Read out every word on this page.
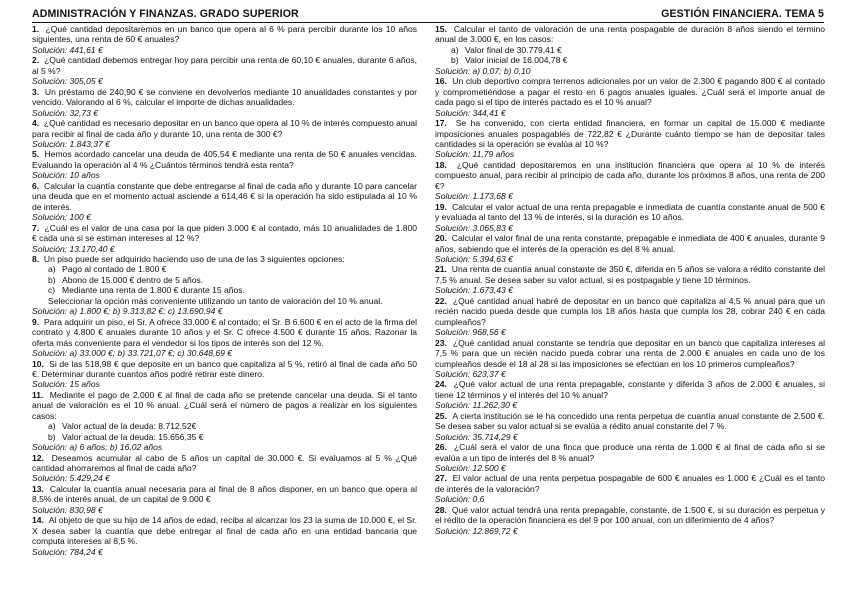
ADMINISTRACIÓN Y FINANZAS. GRADO SUPERIOR	GESTIÓN FINANCIERA. TEMA 5

1. ¿Qué cantidad depositaremos en un banco que opera al 6 % para percibir durante los 10 años siguientes, una renta de 60 € anuales?

Solución: 441,61 €

2. ¿Qué cantidad debemos entregar hoy para percibir una renta de 60,10 € anuales, durante 6 años, al 5 %?

Solución: 305,05 €

3. Un préstamo de 240,90 € se conviene en devolverlos mediante 10 anualidades constantes y por vencido. Valorando al 6 %, calcular el importe de dichas anualidades.

Solución: 32,73 €

4. ¿Qué cantidad es necesario depositar en un banco que opera al 10 % de interés compuesto anual para recibir al final de cada año y durante 10, una renta de 300 €?

Solución: 1.843,37 €

5. Hemos acordado cancelar una deuda de 405,54 € mediante una renta de 50 € anuales vencidas. Evaluando la operación al 4 % ¿Cuántos términos tendrá esta renta?

Solución: 10 años

6. Calcular la cuantía constante que debe entregarse al final de cada año y durante 10 para cancelar una deuda que en el momento actual asciende a 614,46 € si la operación ha sido estipulada al 10 % de interés.

Solución: 100 €

7. ¿Cuál es el valor de una casa por la que piden 3.000 € al contado, más 10 anualidades de 1.800 € cada una si se estiman intereses al 12 %?

Solución: 13.170,40 €

8. Un piso puede ser adquirido haciendo uso de una de las 3 siguientes opciones:

a) Pago al contado de 1.800 €
b) Abono de 15.000 € dentro de 5 años.
c) Mediante una renta de 1.800 € durante 15 años.

Seleccionar la opción más conveniente utilizando un tanto de valoración del 10 % anual.

Solución: a) 1.800 €; b) 9.313,82 €; c) 13.690,94 €

9. Para adquirir un piso, el Sr. A ofrece 33.000 € al contado; el Sr. B 6.600 € en el acto de la firma del contrato y 4.800 € anuales durante 10 años y el Sr. C ofrece 4.500 € durante 15 años. Razonar la oferta más conveniente para el vendedor si los tipos de interés son del 12 %.

Solución: a) 33.000 €; b) 33.721,07 €; c) 30.648,69 €

10. Si de las 518,98 € que deposite en un banco que capitaliza al 5 %, retiró al final de cada año 50 €. Determinar durante cuantos años podré retirar este dinero.

Solución: 15 años

11. Mediante el pago de 2.000 € al final de cada año se pretende cancelar una deuda. Si el tanto anual de valoración es el 10 % anual. ¿Cuál será el número de pagos a realizar en los siguientes casos:

a) Valor actual de la deuda: 8.712,52€
b) Valor actual de la deuda: 15.656,35 €

Solución: a) 6 años; b) 16,02 años

12. Deseamos acumular al cabo de 5 años un capital de 30.000 €. Si evaluamos al 5 % ¿Qué cantidad ahorraremos al final de cada año?

Solución: 5.429,24 €

13. Calcular la cuantía anual necesaria para al final de 8 años disponer, en un banco que opera al 8,5% de interés anual, de un capital de 9.000 €

Solución: 830,98 €

14. Al objeto de que su hijo de 14 años de edad, reciba al alcanzar los 23 la suma de 10.000 €, el Sr. X desea saber la cuantía que debe entregar al final de cada año en una entidad bancaria que computa intereses al 8,5 %.

Solución: 784,24 €

15. Calcular el tanto de valoración de una renta pospagable de duración 8 años siendo el termino anual de 3.000 €, en los casos:

a) Valor final de 30.779,41 €
b) Valor inicial de 16.004,78 €

Solución: a) 0,07; b) 0,10

16. Un club deportivo compra terrenos adicionales por un valor de 2.300 € pagando 800 € al contado y comprometiéndose a pagar el resto en 6 pagos anuales iguales. ¿Cuál será el importe anual de cada pago si el tipo de interés pactado es el 10 % anual?

Solución: 344,41 €

17. Se ha convenido, con cierta entidad financiera, en formar un capital de 15.000 € mediante imposiciones anuales pospagables de 722,82 € ¿Durante cuánto tiempo se han de depositar tales cantidades si la operación se evalúa al 10 %?

Solución: 11,79 años

18. ¿Qué cantidad depositaremos en una institución financiera que opera al 10 % de interés compuesto anual, para recibir al principio de cada año, durante los próximos 8 años, una renta de 200 €?

Solución: 1.173,68 €

19. Calcular el valor actual de una renta prepagable e inmediata de cuantía constante anual de 500 € y evaluada al tanto del 13 % de interés, si la duración es 10 años.

Solución: 3.065,83 €

20. Calcular el valor final de una renta constante, prepagable e inmediata de 400 € anuales, durante 9 años, sabiendo que el interés de la operación es del 8 % anual.

Solución: 5.394,63 €

21. Una renta de cuantía anual constante de 350 €, diferida en 5 años se valora a rédito constante del 7,5 % anual. Se desea saber su valor actual, si es postpagable y tiene 10 términos.

Solución: 1.673,43 €

22. ¿Qué cantidad anual habré de depositar en un banco que capitaliza al 4,5 % anual para que un recién nacido pueda desde que cumpla los 18 años hasta que cumpla los 28, cobrar 240 € en cada cumpleaños?

Solución: 968,56 €

23. ¿Qué cantidad anual constante se tendría que depositar en un banco que capitaliza intereses al 7,5 % para que un recién nacido pueda cobrar una renta de 2.000 € anuales en cada uno de los cumpleaños desde el 18 al 28 si las imposiciones se efectúan en los 10 primeros cumpleaños?

Solución: 623,37 €

24. ¿Qué valor actual de una renta prepagable, constante y diferida 3 años de 2.000 € anuales, si tiene 12 términos y el interés del 10 % anual?

Solución: 11.262,30 €

25. A cierta institución se le ha concedido una renta perpetua de cuantía anual constante de 2.500 €. Se desea saber su valor actual si se evalúa a rédito anual constante del 7 %.

Solución: 35.714,29 €

26. ¿Cuál será el valor de una finca que produce una renta de 1.000 € al final de cada año si se evalúa a un tipo de interés del 8 % anual?

Solución: 12.500 €

27. El valor actual de una renta perpetua pospagable de 600 € anuales es 1.000 € ¿Cuál es el tanto de interés de la valoración?

Solución: 0,6

28. Qué valor actual tendrá una renta prepagable, constante, de 1.500 €, si su duración es perpetua y el rédito de la operación financiera es del 9 por 100 anual, con un diferimiento de 4 años?

Solución: 12.869,72 €
